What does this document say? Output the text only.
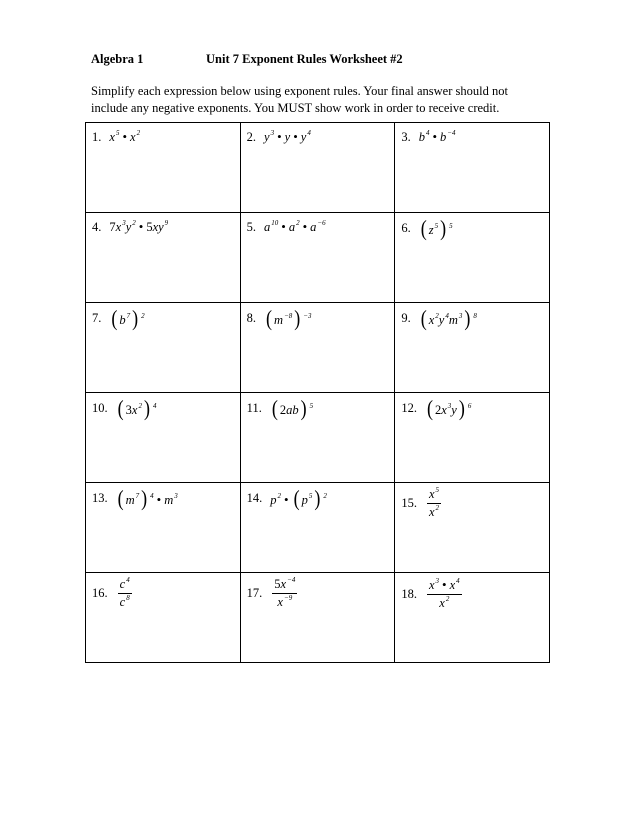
Algebra 1	Unit 7 Exponent Rules Worksheet #2
Simplify each expression below using exponent rules. Your final answer should not
include any negative exponents. You MUST show work in order to receive credit.
1. $x^5$ • $x^2$	2. $y^3$ • y • $y^4$	3. $b^4$ • $b^{-4}$

4. $7x^3y^2$ • $5xy^9$	5. $a^{10}$ • $a^2$ • $a^{-6}$	6. ( $z^5$ ) $^5$

7. ( $b^7$ ) $^2$	8. ( $m^{-8}$ ) $^{-3}$	9. ( $x^2y^4m^3$ ) $^8$

10. ( $3x^2$ ) $^4$	11. ( 2ab ) $^5$	12. ( $2x^3y$ ) $^6$

13. ( $m^7$ ) $^4$ • $m^3$	14. $p^2$ • ( $p^5$ ) $^2$	15. $\frac{x^5}{x^2}$

16. $\frac{c^4}{c^8}$	17. $\frac{5x^{-4}}{x^{-9}}$	18. $\frac{x^3 • x^4}{x^2}$
